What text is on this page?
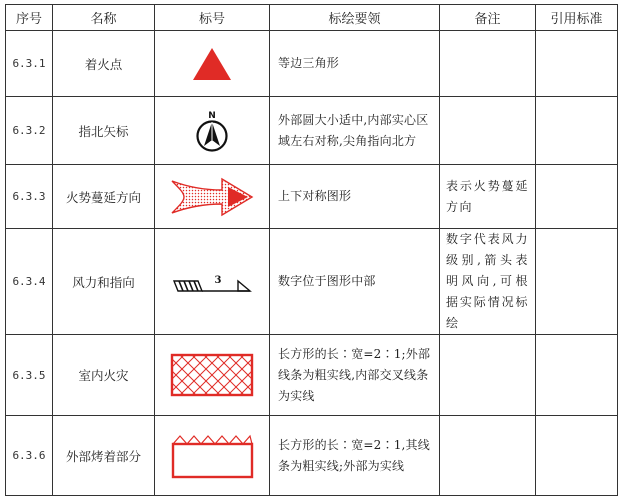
序号	名称	标号	标绘要领	备注	引用标准
6.3.1	着火点		等边三角形		
6.3.2	指北矢标	N	外部圆大小适中,内部实心区域左右对称,尖角指向北方		
6.3.3	火势蔓延方向		上下对称图形	表示火势蔓延方向	
6.3.4	风力和指向	3	数字位于图形中部	数字代表风力级别,箭头表明风向,可根据实际情况标绘	
6.3.5	室内火灾		长方形的长∶宽=2∶1;外部线条为粗实线,内部交叉线条为实线		
6.3.6	外部烤着部分		长方形的长∶宽=2∶1,其线条为粗实线;外部为实线		
